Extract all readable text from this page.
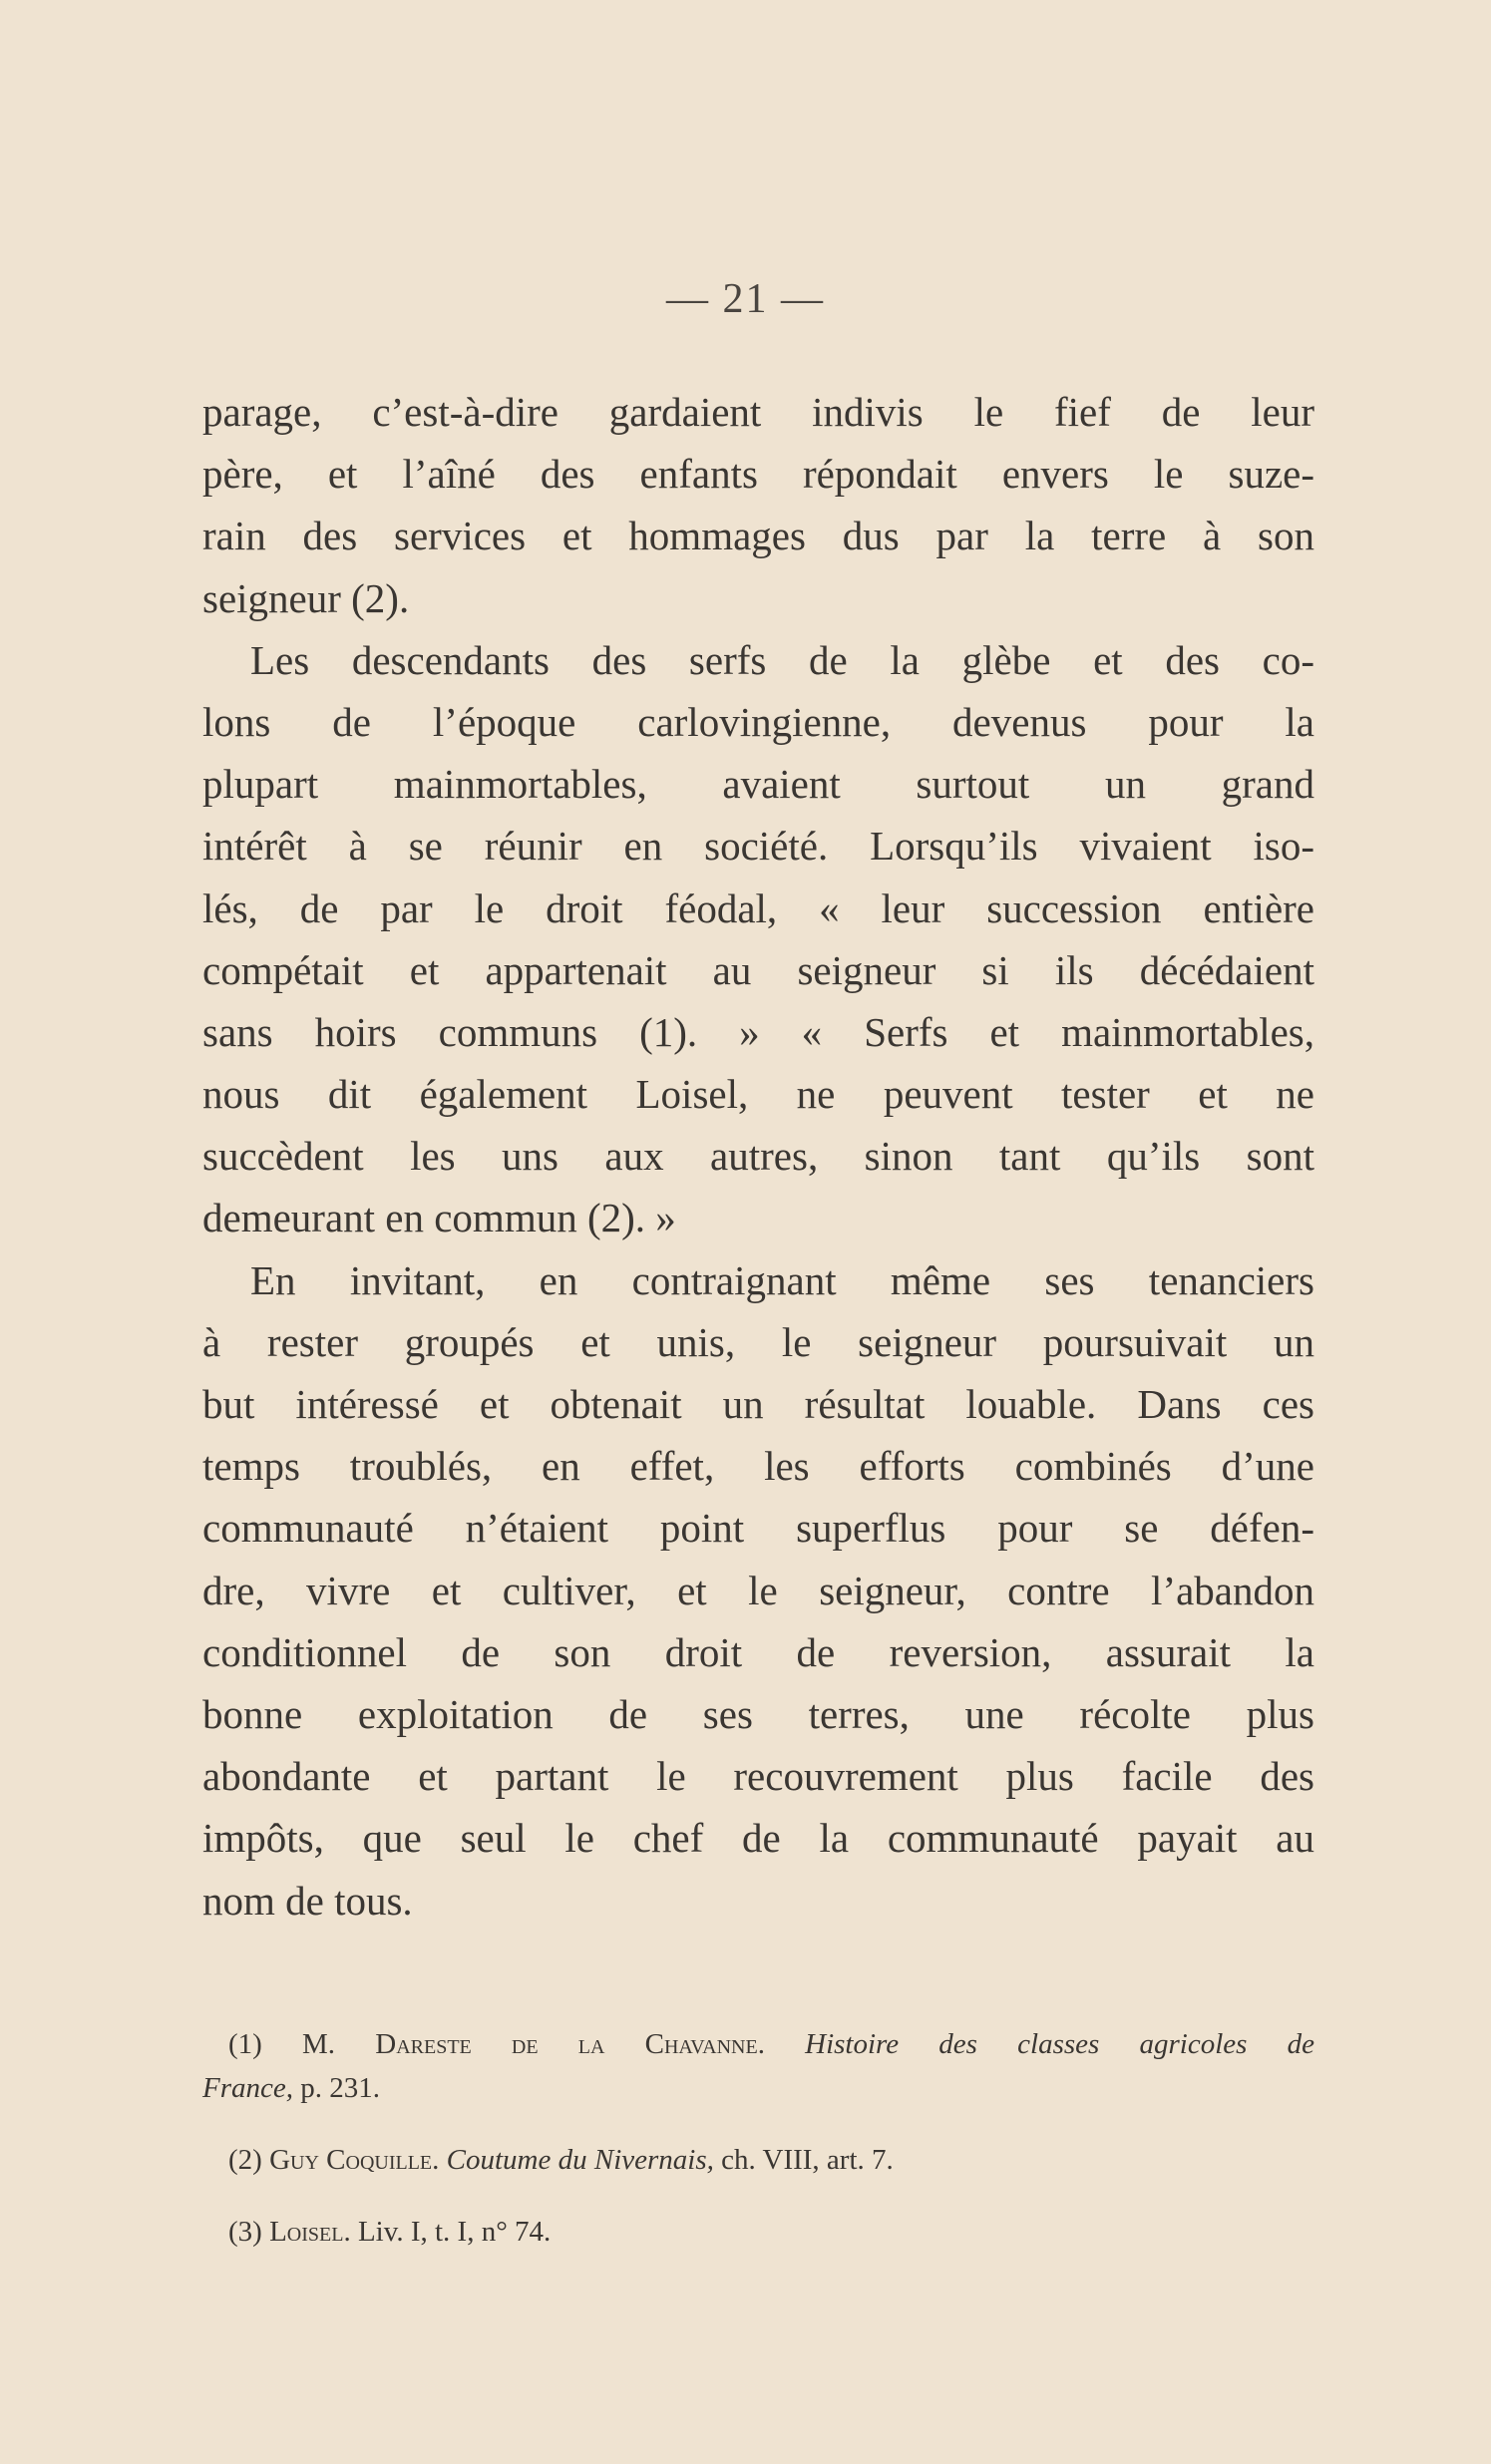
— 21 —
parage, c’est-à-dire gardaient indivis le fief de leur
père, et l’aîné des enfants répondait envers le suze-
rain des services et hommages dus par la terre à son
seigneur (2).
Les descendants des serfs de la glèbe et des co-
lons de l’époque carlovingienne, devenus pour la
plupart mainmortables, avaient surtout un grand
intérêt à se réunir en société. Lorsqu’ils vivaient iso-
lés, de par le droit féodal, « leur succession entière
compétait et appartenait au seigneur si ils décédaient
sans hoirs communs (1). » « Serfs et mainmortables,
nous dit également Loisel, ne peuvent tester et ne
succèdent les uns aux autres, sinon tant qu’ils sont
demeurant en commun (2). »
En invitant, en contraignant même ses tenanciers
à rester groupés et unis, le seigneur poursuivait un
but intéressé et obtenait un résultat louable. Dans ces
temps troublés, en effet, les efforts combinés d’une
communauté n’étaient point superflus pour se défen-
dre, vivre et cultiver, et le seigneur, contre l’abandon
conditionnel de son droit de reversion, assurait la
bonne exploitation de ses terres, une récolte plus
abondante et partant le recouvrement plus facile des
impôts, que seul le chef de la communauté payait au
nom de tous.
(1) M. Dareste de la Chavanne. Histoire des classes agricoles de
France, p. 231.
(2) Guy Coquille. Coutume du Nivernais, ch. VIII, art. 7.
(3) Loisel. Liv. I, t. I, n° 74.
